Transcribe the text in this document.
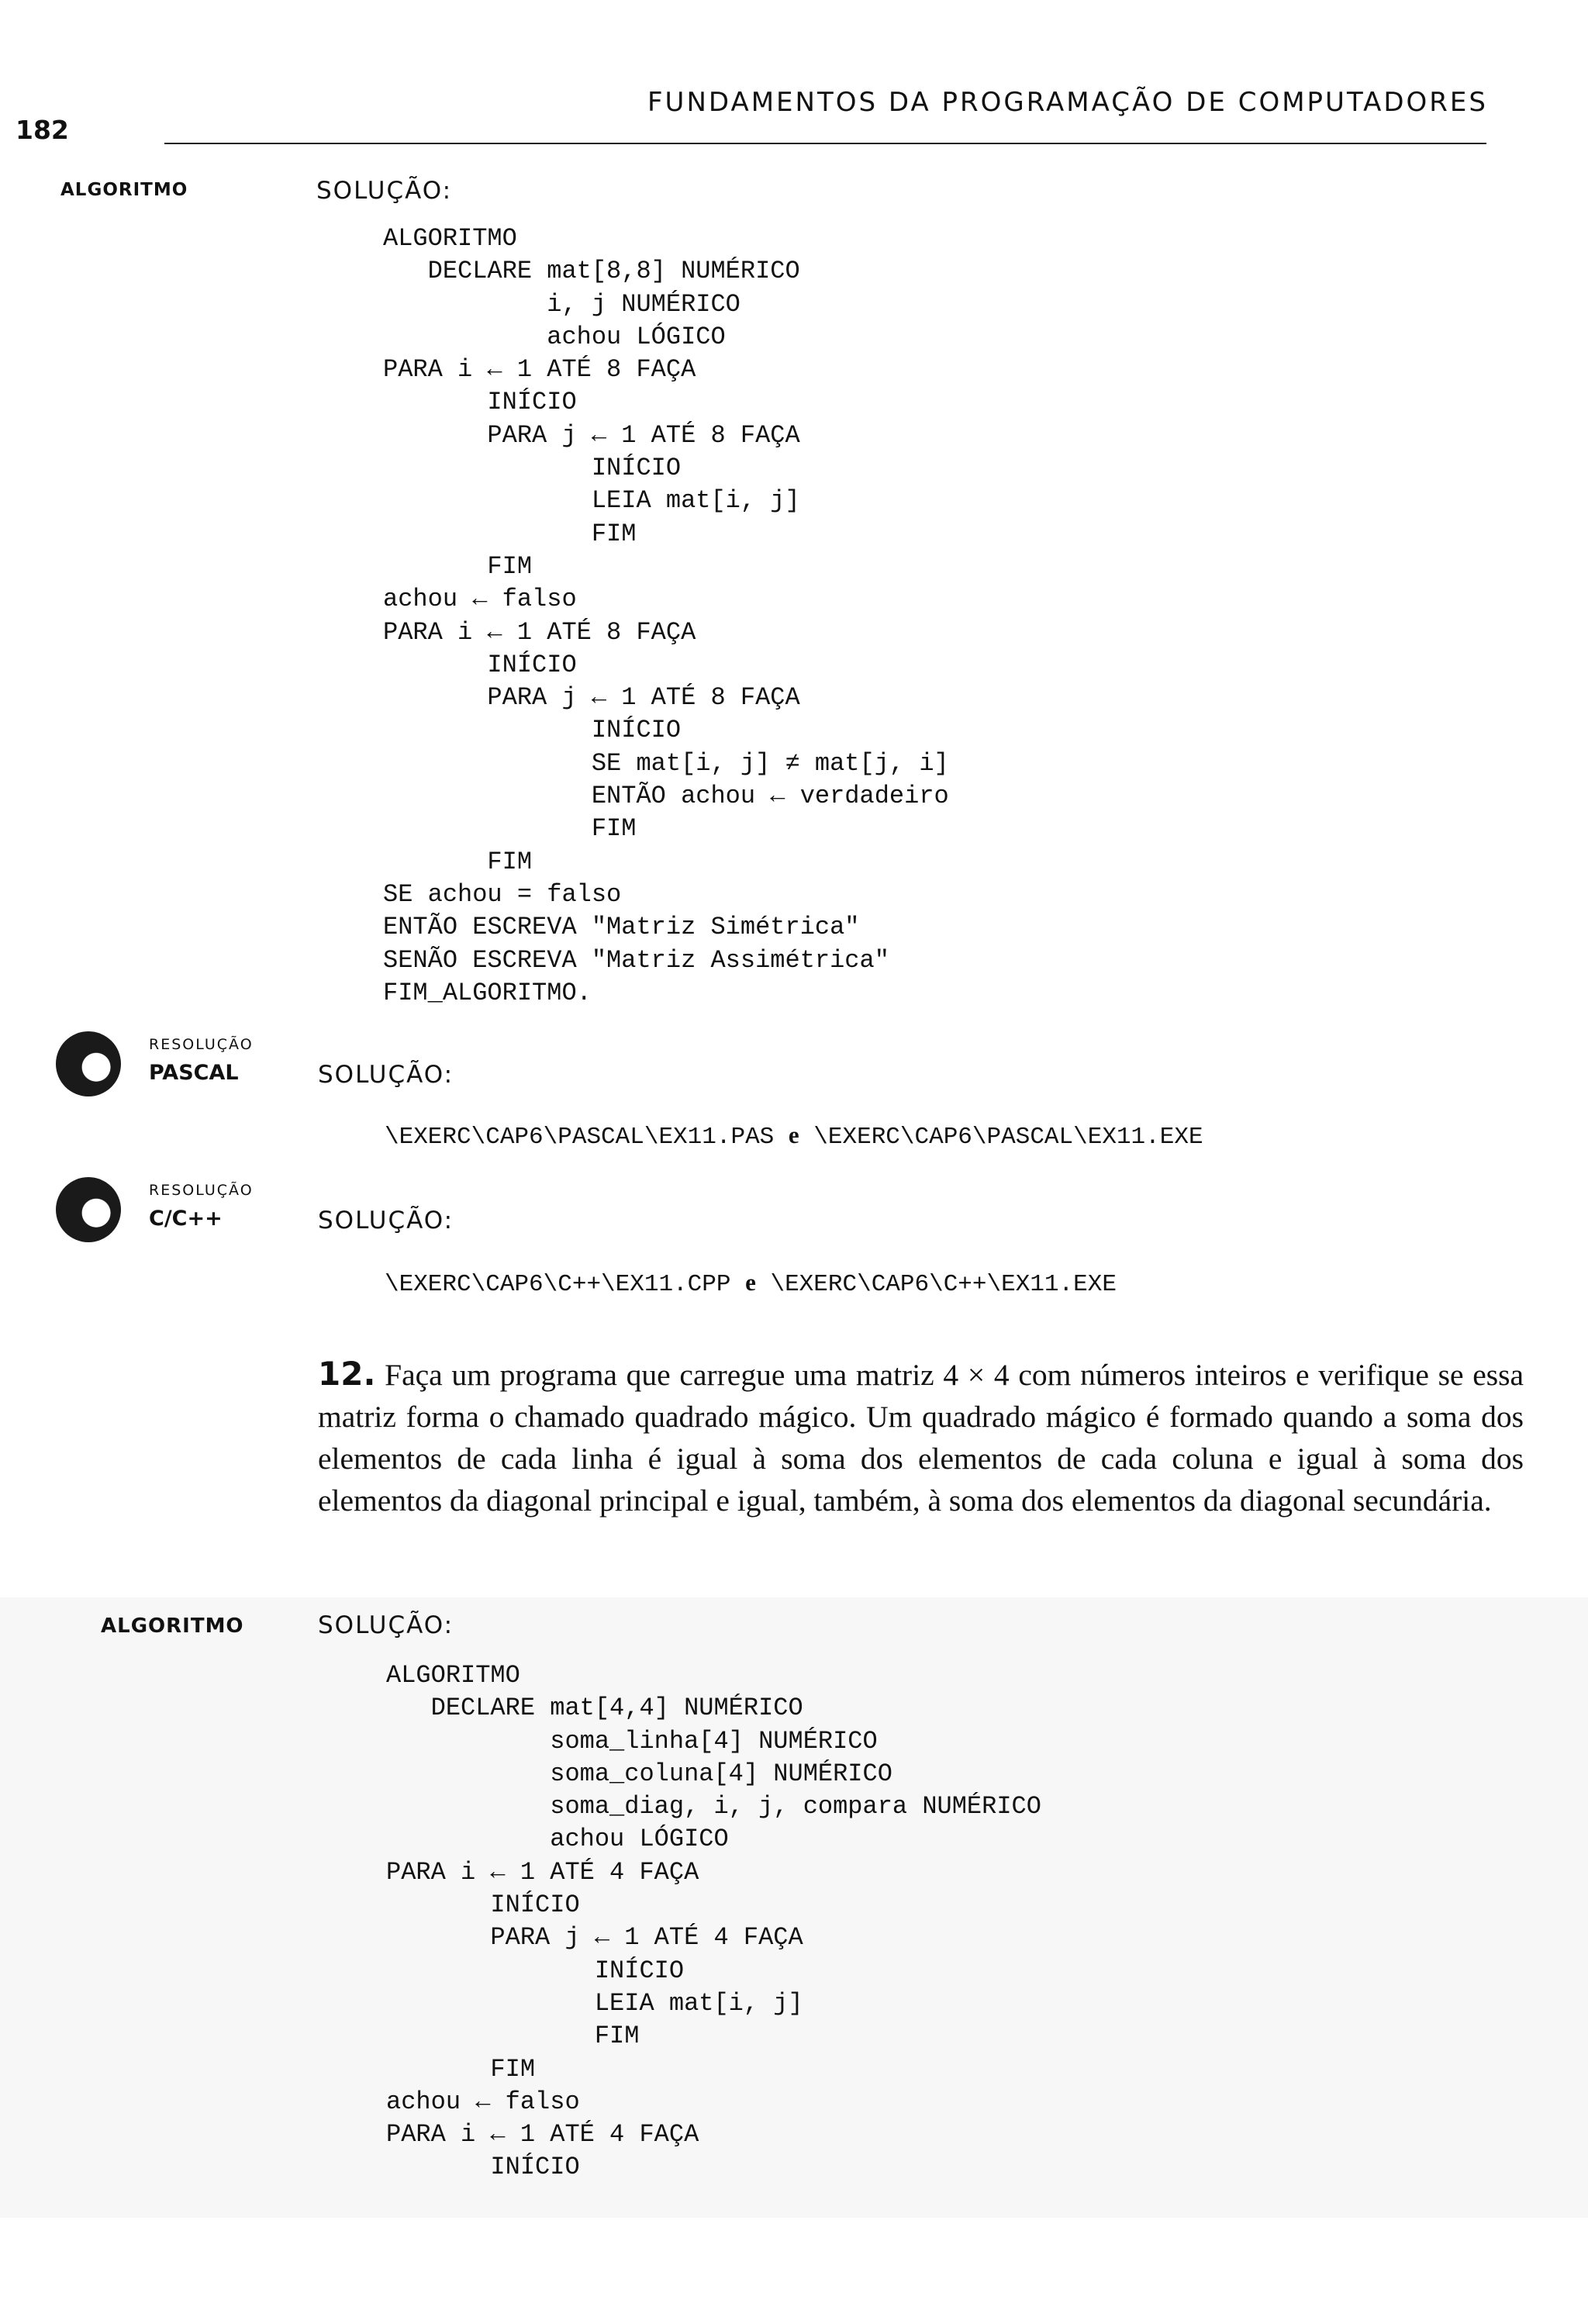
182
FUNDAMENTOS DA PROGRAMAÇÃO DE COMPUTADORES
ALGORITMO	SOLUÇÃO:
ALGORITMO
DECLARE mat[8,8] NUMÉRICO
i, j NUMÉRICO
achou LÓGICO
PARA i ← 1 ATÉ 8 FAÇA
INÍCIO
PARA j ← 1 ATÉ 8 FAÇA
INÍCIO
LEIA mat[i, j]
FIM
FIM
achou ← falso
PARA i ← 1 ATÉ 8 FAÇA
INÍCIO
PARA j ← 1 ATÉ 8 FAÇA
INÍCIO
SE mat[i, j] ≠ mat[j, i]
ENTÃO achou ← verdadeiro
FIM
FIM
SE achou = falso
ENTÃO ESCREVA "Matriz Simétrica"
SENÃO ESCREVA "Matriz Assimétrica"
FIM_ALGORITMO.
RESOLUÇÃO
PASCAL	SOLUÇÃO:
\EXERC\CAP6\PASCAL\EX11.PAS e \EXERC\CAP6\PASCAL\EX11.EXE
RESOLUÇÃO
C/C++	SOLUÇÃO:
\EXERC\CAP6\C++\EX11.CPP e \EXERC\CAP6\C++\EX11.EXE
12. Faça um programa que carregue uma matriz 4 × 4 com números inteiros e verifique se essa matriz forma o chamado quadrado mágico. Um quadrado mágico é formado quando a soma dos elementos de cada linha é igual à soma dos elementos de cada coluna e igual à soma dos elementos da diagonal principal e igual, também, à soma dos elementos da diagonal secundária.
ALGORITMO	SOLUÇÃO:
ALGORITMO
DECLARE mat[4,4] NUMÉRICO
soma_linha[4] NUMÉRICO
soma_coluna[4] NUMÉRICO
soma_diag, i, j, compara NUMÉRICO
achou LÓGICO
PARA i ← 1 ATÉ 4 FAÇA
INÍCIO
PARA j ← 1 ATÉ 4 FAÇA
INÍCIO
LEIA mat[i, j]
FIM
FIM
achou ← falso
PARA i ← 1 ATÉ 4 FAÇA
INÍCIO
